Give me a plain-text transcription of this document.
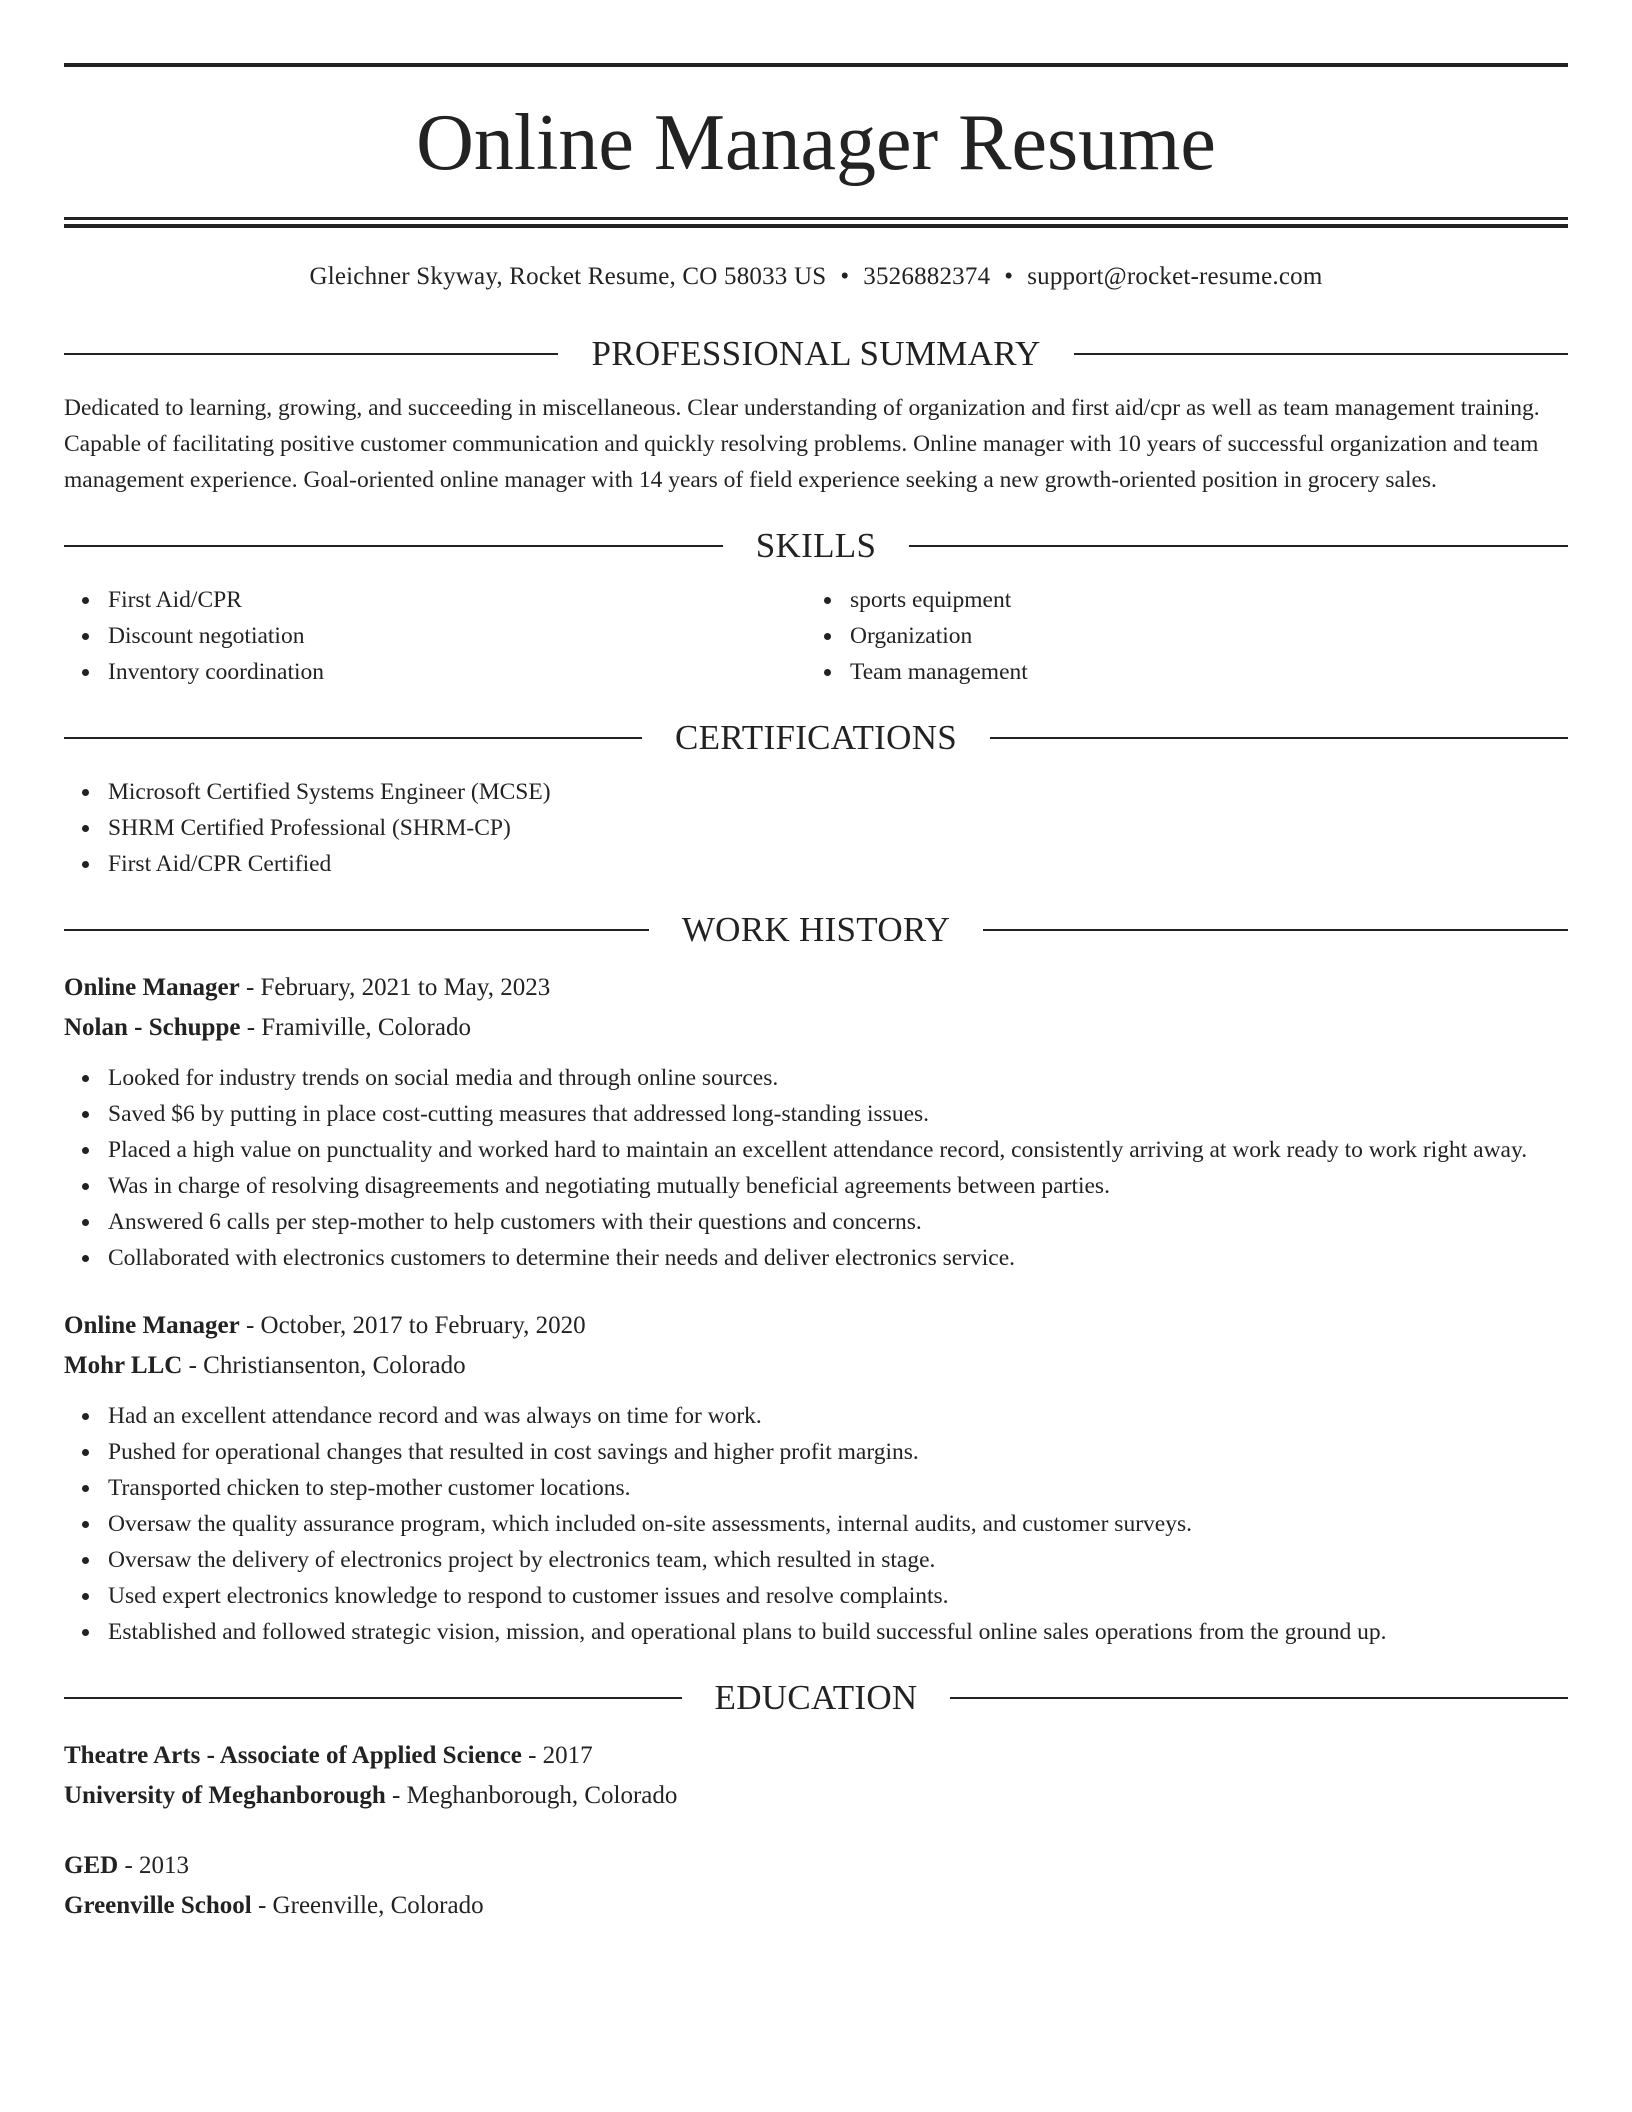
Online Manager Resume
Gleichner Skyway, Rocket Resume, CO 58033 US • 3526882374 • support@rocket-resume.com
PROFESSIONAL SUMMARY

Dedicated to learning, growing, and succeeding in miscellaneous. Clear understanding of organization and first aid/cpr as well as team management training. Capable of facilitating positive customer communication and quickly resolving problems. Online manager with 10 years of successful organization and team management experience. Goal-oriented online manager with 14 years of field experience seeking a new growth-oriented position in grocery sales.

SKILLS
First Aid/CPR
Discount negotiation
Inventory coordination
sports equipment
Organization
Team management
CERTIFICATIONS
Microsoft Certified Systems Engineer (MCSE)
SHRM Certified Professional (SHRM-CP)
First Aid/CPR Certified
WORK HISTORY
Online Manager - February, 2021 to May, 2023
Nolan - Schuppe - Framiville, Colorado
Looked for industry trends on social media and through online sources.
Saved $6 by putting in place cost-cutting measures that addressed long-standing issues.
Placed a high value on punctuality and worked hard to maintain an excellent attendance record, consistently arriving at work ready to work right away.
Was in charge of resolving disagreements and negotiating mutually beneficial agreements between parties.
Answered 6 calls per step-mother to help customers with their questions and concerns.
Collaborated with electronics customers to determine their needs and deliver electronics service.
Online Manager - October, 2017 to February, 2020
Mohr LLC - Christiansenton, Colorado
Had an excellent attendance record and was always on time for work.
Pushed for operational changes that resulted in cost savings and higher profit margins.
Transported chicken to step-mother customer locations.
Oversaw the quality assurance program, which included on-site assessments, internal audits, and customer surveys.
Oversaw the delivery of electronics project by electronics team, which resulted in stage.
Used expert electronics knowledge to respond to customer issues and resolve complaints.
Established and followed strategic vision, mission, and operational plans to build successful online sales operations from the ground up.
EDUCATION
Theatre Arts - Associate of Applied Science - 2017
University of Meghanborough - Meghanborough, Colorado
GED - 2013
Greenville School - Greenville, Colorado
